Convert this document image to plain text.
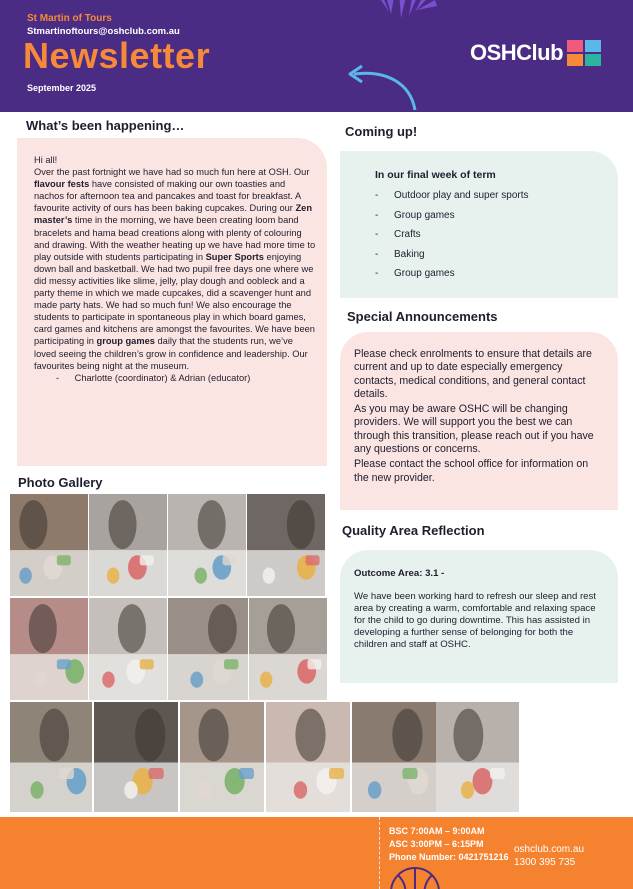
St Martin of Tours
Stmartinoftours@oshclub.com.au
Newsletter
September 2025
OSHClub
What’s been happening…

Hi all!

Over the past fortnight we have had so much fun here at OSH. Our flavour fests have consisted of making our own toasties and nachos for afternoon tea and pancakes and toast for breakfast. A favourite activity of ours has been baking cupcakes. During our Zen master’s time in the morning, we have been creating loom band bracelets and hama bead creations along with plenty of colouring and drawing. With the weather heating up we have had more time to play outside with students participating in Super Sports enjoying down ball and basketball. We had two pupil free days one where we did messy activities like slime, jelly, play dough and oobleck and a party theme in which we made cupcakes, did a scavenger hunt and made party hats. We had so much fun! We also encourage the students to participate in spontaneous play in which board games, card games and kitchens are amongst the favourites. We have been participating in group games daily that the students run, we’ve loved seeing the children’s grow in confidence and leadership. Our favourites being night at the museum.

- Charlotte (coordinator) & Adrian (educator)

Coming up!
In our final week of term
-	Outdoor play and super sports
-	Group games
-	Crafts
-	Baking
-	Group games
Special Announcements

Please check enrolments to ensure that details are current and up to date especially emergency contacts, medical conditions, and general contact details.

As you may be aware OSHC will be changing providers. We will support you the best we can through this transition, please reach out if you have any questions or concerns.

Please contact the school office for information on the new provider.

Quality Area Reflection
Outcome Area: 3.1 -

We have been working hard to refresh our sleep and rest area by creating a warm, comfortable and relaxing space for the child to go during downtime. This has assisted in developing a further sense of belonging for both the children and staff at OSHC.

Photo Gallery
BSC 7:00AM – 9:00AM
ASC 3:00PM – 6:15PM
Phone Number: 0421751216
oshclub.com.au
1300 395 735
